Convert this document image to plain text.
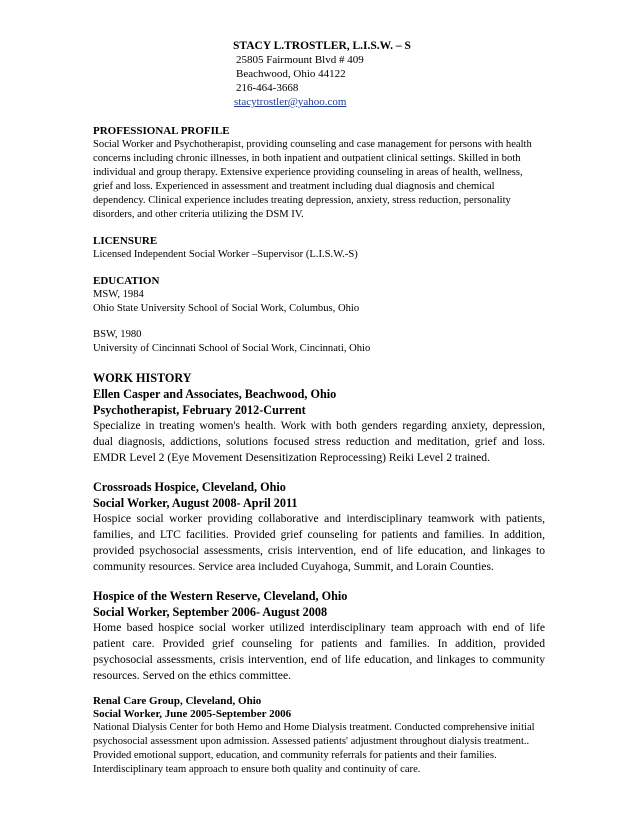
STACY L.TROSTLER, L.I.S.W. – S
25805 Fairmount Blvd # 409
Beachwood, Ohio 44122
216-464-3668
stacytrostler@yahoo.com
PROFESSIONAL PROFILE
Social Worker and Psychotherapist, providing counseling and case management for persons with health concerns including chronic illnesses, in both inpatient and outpatient clinical settings. Skilled in both individual and group therapy. Extensive experience providing counseling in areas of health, wellness, grief and loss. Experienced in assessment and treatment including dual diagnosis and chemical dependency. Clinical experience includes treating depression, anxiety, stress reduction, personality disorders, and other criteria utilizing the DSM IV.
LICENSURE
Licensed Independent Social Worker –Supervisor (L.I.S.W.-S)
EDUCATION
MSW, 1984
Ohio State University School of Social Work, Columbus, Ohio
BSW, 1980
University of Cincinnati School of Social Work, Cincinnati, Ohio
WORK HISTORY
Ellen Casper and Associates, Beachwood, Ohio
Psychotherapist, February 2012-Current
Specialize in treating women's health. Work with both genders regarding anxiety, depression, dual diagnosis, addictions, solutions focused stress reduction and meditation, grief and loss. EMDR Level 2 (Eye Movement Desensitization Reprocessing) Reiki Level 2 trained.
Crossroads Hospice, Cleveland, Ohio
Social Worker, August 2008- April 2011
Hospice social worker providing collaborative and interdisciplinary teamwork with patients, families, and LTC facilities. Provided grief counseling for patients and families. In addition, provided psychosocial assessments, crisis intervention, end of life education, and linkages to community resources. Service area included Cuyahoga, Summit, and Lorain Counties.
Hospice of the Western Reserve, Cleveland, Ohio
Social Worker, September 2006- August 2008
Home based hospice social worker utilized interdisciplinary team approach with end of life patient care. Provided grief counseling for patients and families. In addition, provided psychosocial assessments, crisis intervention, end of life education, and linkages to community resources. Served on the ethics committee.
Renal Care Group, Cleveland, Ohio
Social Worker, June 2005-September 2006
National Dialysis Center for both Hemo and Home Dialysis treatment. Conducted comprehensive initial psychosocial assessment upon admission. Assessed patients' adjustment throughout dialysis treatment.. Provided emotional support, education, and community referrals for patients and their families. Interdisciplinary team approach to ensure both quality and continuity of care.
